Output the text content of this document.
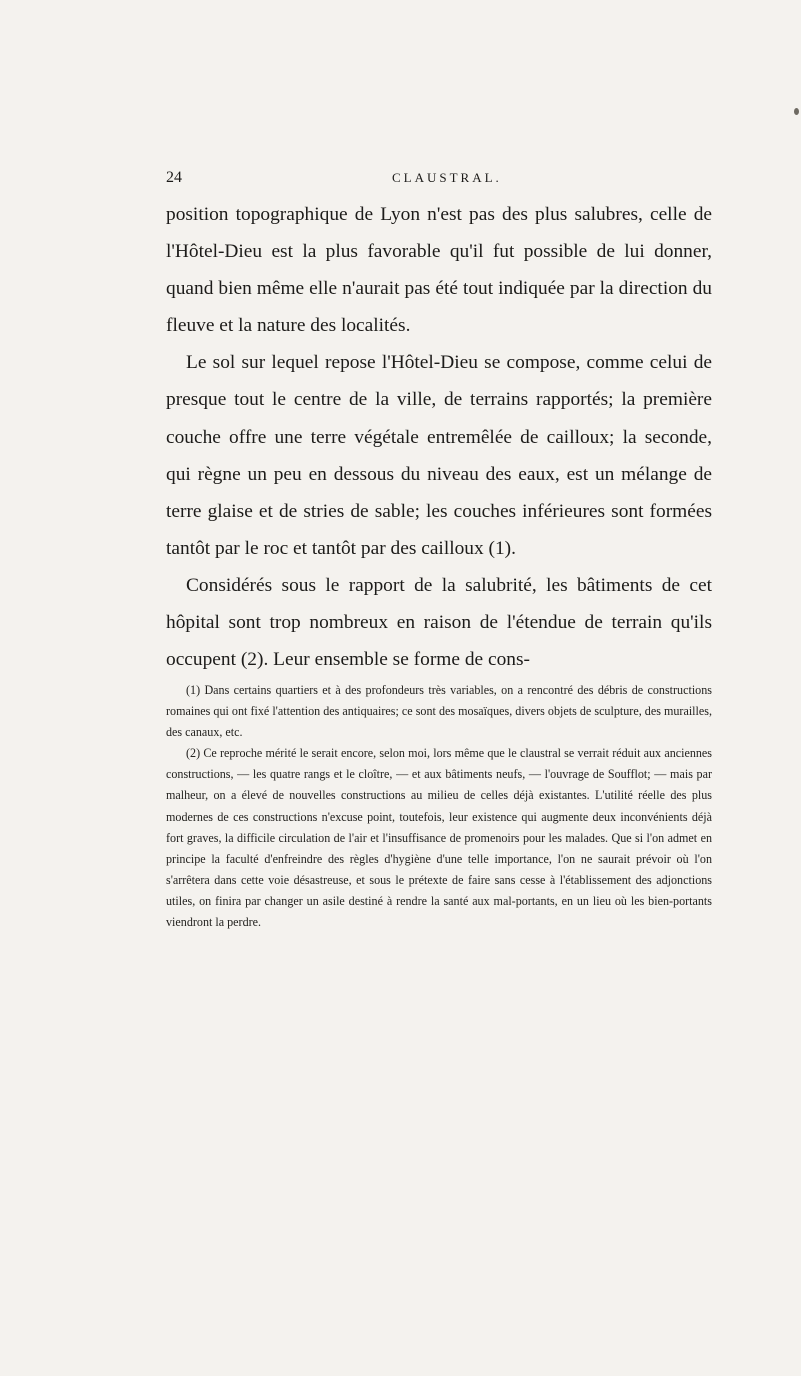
24	CLAUSTRAL.

position topographique de Lyon n'est pas des plus salubres, celle de l'Hôtel-Dieu est la plus favorable qu'il fut possible de lui donner, quand bien même elle n'aurait pas été tout indiquée par la direction du fleuve et la nature des localités.

Le sol sur lequel repose l'Hôtel-Dieu se compose, comme celui de presque tout le centre de la ville, de terrains rapportés; la première couche offre une terre végétale entremêlée de cailloux; la seconde, qui règne un peu en dessous du niveau des eaux, est un mélange de terre glaise et de stries de sable; les couches inférieures sont formées tantôt par le roc et tantôt par des cailloux (1).

Considérés sous le rapport de la salubrité, les bâtiments de cet hôpital sont trop nombreux en raison de l'étendue de terrain qu'ils occupent (2). Leur ensemble se forme de cons-

(1) Dans certains quartiers et à des profondeurs très variables, on a rencontré des débris de constructions romaines qui ont fixé l'attention des antiquaires; ce sont des mosaïques, divers objets de sculpture, des murailles, des canaux, etc.

(2) Ce reproche mérité le serait encore, selon moi, lors même que le claustral se verrait réduit aux anciennes constructions, — les quatre rangs et le cloître, — et aux bâtiments neufs, — l'ouvrage de Soufflot; — mais par malheur, on a élevé de nouvelles constructions au milieu de celles déjà existantes. L'utilité réelle des plus modernes de ces constructions n'excuse point, toutefois, leur existence qui augmente deux inconvénients déjà fort graves, la difficile circulation de l'air et l'insuffisance de promenoirs pour les malades. Que si l'on admet en principe la faculté d'enfreindre des règles d'hygiène d'une telle importance, l'on ne saurait prévoir où l'on s'arrêtera dans cette voie désastreuse, et sous le prétexte de faire sans cesse à l'établissement des adjonctions utiles, on finira par changer un asile destiné à rendre la santé aux mal-portants, en un lieu où les bien-portants viendront la perdre.
